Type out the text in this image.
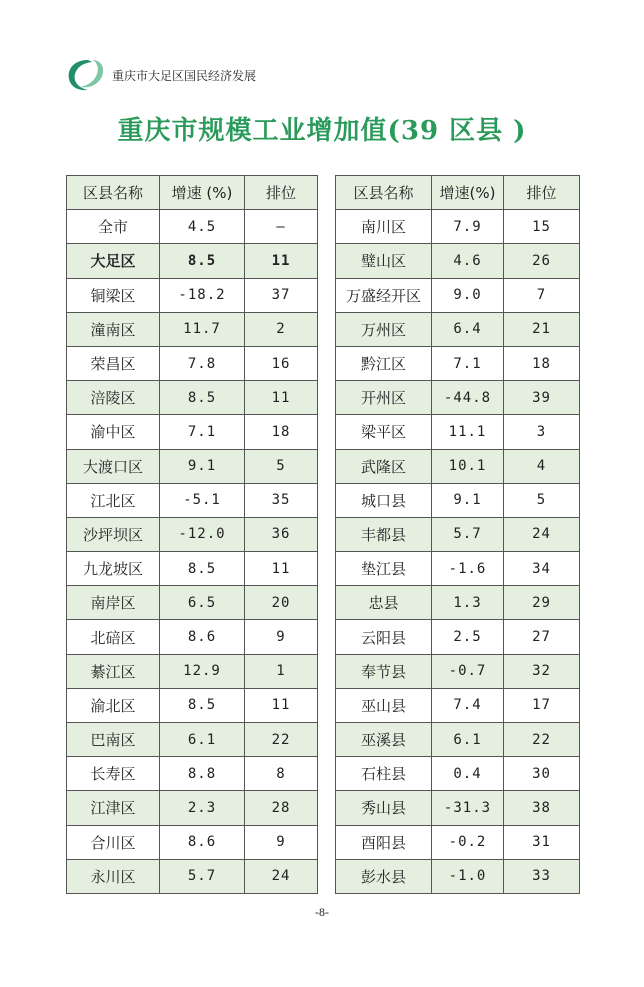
重庆市大足区国民经济发展
重庆市规模工业增加值(39 区县 )
区县名称	增速 (%)	排位
全市	4.5	—
大足区	8.5	11
铜梁区	-18.2	37
潼南区	11.7	2
荣昌区	7.8	16
涪陵区	8.5	11
渝中区	7.1	18
大渡口区	9.1	5
江北区	-5.1	35
沙坪坝区	-12.0	36
九龙坡区	8.5	11
南岸区	6.5	20
北碚区	8.6	9
綦江区	12.9	1
渝北区	8.5	11
巴南区	6.1	22
长寿区	8.8	8
江津区	2.3	28
合川区	8.6	9
永川区	5.7	24
区县名称	增速(%)	排位
南川区	7.9	15
璧山区	4.6	26
万盛经开区	9.0	7
万州区	6.4	21
黔江区	7.1	18
开州区	-44.8	39
梁平区	11.1	3
武隆区	10.1	4
城口县	9.1	5
丰都县	5.7	24
垫江县	-1.6	34
忠县	1.3	29
云阳县	2.5	27
奉节县	-0.7	32
巫山县	7.4	17
巫溪县	6.1	22
石柱县	0.4	30
秀山县	-31.3	38
酉阳县	-0.2	31
彭水县	-1.0	33
-8-
